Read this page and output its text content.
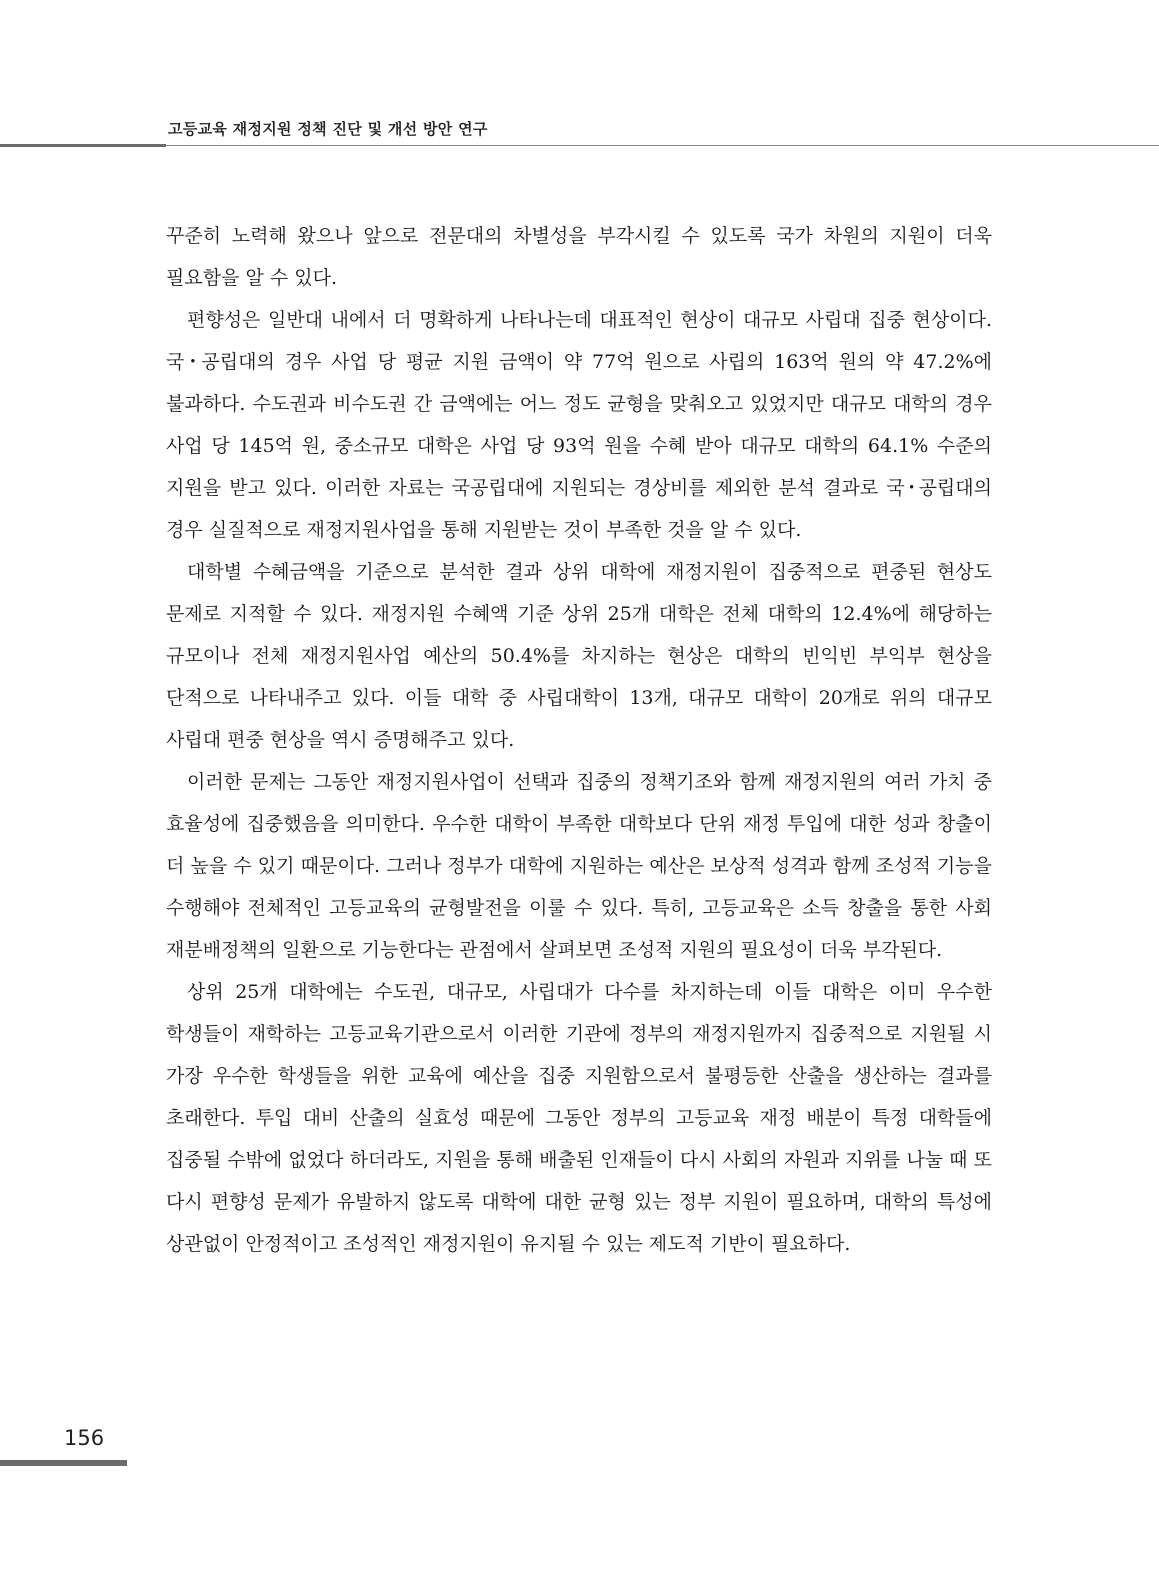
고등교육 재정지원 정책 진단 및 개선 방안 연구

꾸준히 노력해 왔으나 앞으로 전문대의 차별성을 부각시킬 수 있도록 국가 차원의 지원이 더욱 필요함을 알 수 있다.

편향성은 일반대 내에서 더 명확하게 나타나는데 대표적인 현상이 대규모 사립대 집중 현상이다. 국･공립대의 경우 사업 당 평균 지원 금액이 약 77억 원으로 사립의 163억 원의 약 47.2%에 불과하다. 수도권과 비수도권 간 금액에는 어느 정도 균형을 맞춰오고 있었지만 대규모 대학의 경우 사업 당 145억 원, 중소규모 대학은 사업 당 93억 원을 수혜 받아 대규모 대학의 64.1% 수준의 지원을 받고 있다. 이러한 자료는 국공립대에 지원되는 경상비를 제외한 분석 결과로 국･공립대의 경우 실질적으로 재정지원사업을 통해 지원받는 것이 부족한 것을 알 수 있다.

대학별 수혜금액을 기준으로 분석한 결과 상위 대학에 재정지원이 집중적으로 편중된 현상도 문제로 지적할 수 있다. 재정지원 수혜액 기준 상위 25개 대학은 전체 대학의 12.4%에 해당하는 규모이나 전체 재정지원사업 예산의 50.4%를 차지하는 현상은 대학의 빈익빈 부익부 현상을 단적으로 나타내주고 있다. 이들 대학 중 사립대학이 13개, 대규모 대학이 20개로 위의 대규모 사립대 편중 현상을 역시 증명해주고 있다.

이러한 문제는 그동안 재정지원사업이 선택과 집중의 정책기조와 함께 재정지원의 여러 가치 중 효율성에 집중했음을 의미한다. 우수한 대학이 부족한 대학보다 단위 재정 투입에 대한 성과 창출이 더 높을 수 있기 때문이다. 그러나 정부가 대학에 지원하는 예산은 보상적 성격과 함께 조성적 기능을 수행해야 전체적인 고등교육의 균형발전을 이룰 수 있다. 특히, 고등교육은 소득 창출을 통한 사회 재분배정책의 일환으로 기능한다는 관점에서 살펴보면 조성적 지원의 필요성이 더욱 부각된다.

상위 25개 대학에는 수도권, 대규모, 사립대가 다수를 차지하는데 이들 대학은 이미 우수한 학생들이 재학하는 고등교육기관으로서 이러한 기관에 정부의 재정지원까지 집중적으로 지원될 시 가장 우수한 학생들을 위한 교육에 예산을 집중 지원함으로서 불평등한 산출을 생산하는 결과를 초래한다. 투입 대비 산출의 실효성 때문에 그동안 정부의 고등교육 재정 배분이 특정 대학들에 집중될 수밖에 없었다 하더라도, 지원을 통해 배출된 인재들이 다시 사회의 자원과 지위를 나눌 때 또 다시 편향성 문제가 유발하지 않도록 대학에 대한 균형 있는 정부 지원이 필요하며, 대학의 특성에 상관없이 안정적이고 조성적인 재정지원이 유지될 수 있는 제도적 기반이 필요하다.

156
